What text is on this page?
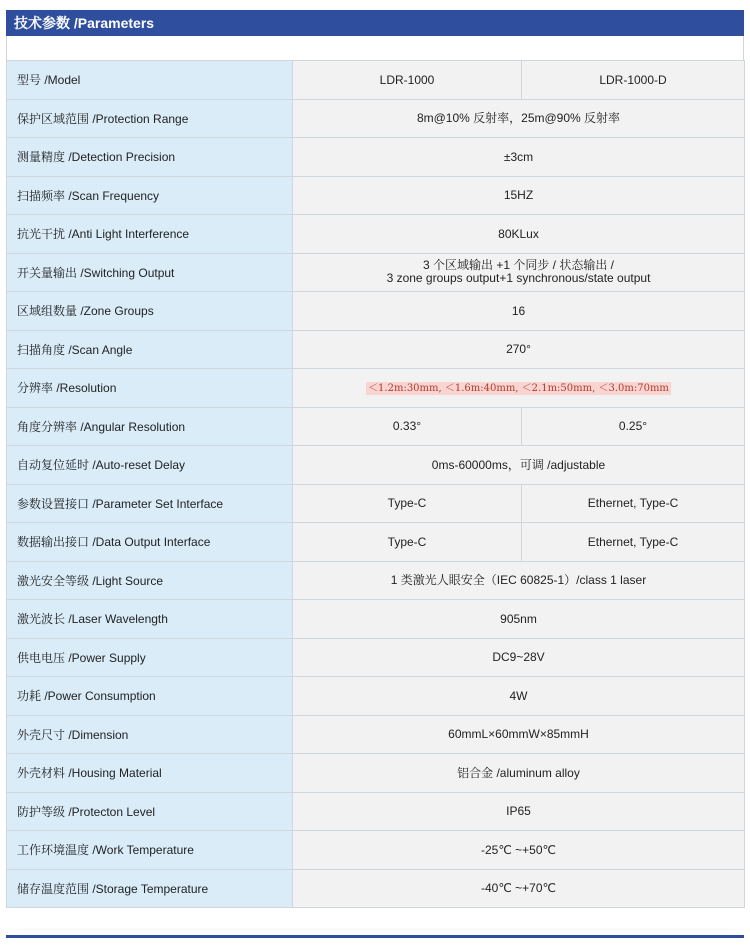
技术参数 /Parameters
型号 /Model	LDR-1000	LDR-1000-D
保护区域范围 /Protection Range	8m@10% 反射率，25m@90% 反射率	
测量精度 /Detection Precision	±3cm	
扫描频率 /Scan Frequency	15HZ	
抗光干扰 /Anti Light Interference	80KLux	
开关量输出 /Switching Output	3 个区域输出 +1 个同步 / 状态输出 /
3 zone groups output+1 synchronous/state output	

区域组数量 /Zone Groups	16	
扫描角度 /Scan Angle	270°	
分辨率 /Resolution	＜1.2m:30mm, ＜1.6m:40mm, ＜2.1m:50mm, ＜3.0m:70mm	
角度分辨率 /Angular Resolution	0.33°	0.25°
自动复位延时 /Auto-reset Delay	0ms-60000ms，可调 /adjustable	
参数设置接口 /Parameter Set Interface	Type-C	Ethernet, Type-C
数据输出接口 /Data Output Interface	Type-C	Ethernet, Type-C
激光安全等级 /Light Source	1 类激光人眼安全（IEC 60825-1）/class 1 laser	
激光波长 /Laser Wavelength	905nm	
供电电压 /Power Supply	DC9~28V	
功耗 /Power Consumption	4W	
外壳尺寸 /Dimension	60mmL×60mmW×85mmH	
外壳材料 /Housing Material	铝合金 /aluminum alloy	
防护等级 /Protecton Level	IP65	
工作环境温度 /Work Temperature	-25℃ ~+50℃	
储存温度范围 /Storage Temperature	-40℃ ~+70℃	
